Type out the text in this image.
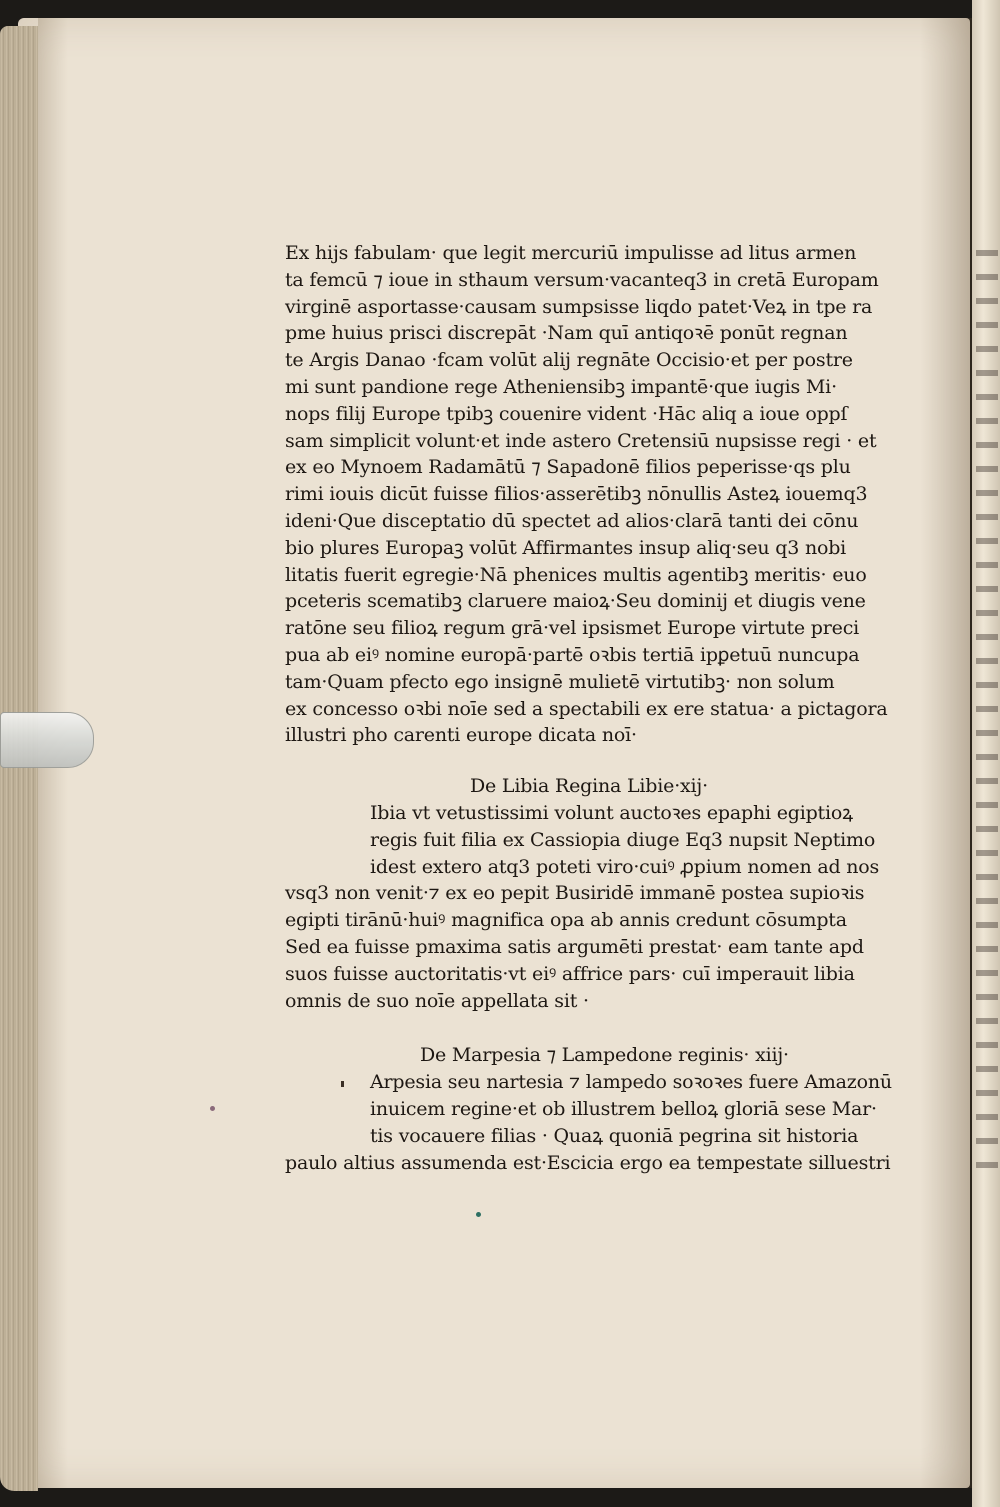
Ex hijs fabulam· que legit mercuriū impulisse ad litus armen
ta femcū ⁊ ioue in sthaum versum·vacanteq3 in cretā Europam
virginē asportasse·causam sumpsisse liqdo patet·Veꝝ in tpe ra
pme huius prisci discrepāt ·Nam quī antiqoꝛē ponūt regnan
te Argis Danao ·fcam volūt alij regnāte Occisio·et per postre
mi sunt pandione rege Atheniensibꝫ impantē·que iugis Mi·
nops filij Europe tpibꝫ couenire vident ·Hāc aliq a ioue oppſ
sam simplicit volunt·et inde astero Cretensiū nupsisse regi · et
ex eo Mynoem Radamātū ⁊ Sapadonē filios peperisse·qs plu
rimi iouis dicūt fuisse filios·asserētibꝫ nōnullis Asteꝝ iouemq3
ideni·Que disceptatio dū spectet ad alios·clarā tanti dei cōnu
bio plures Europaꝫ volūt Affirmantes insup aliq·seu q3 nobi
litatis fuerit egregie·Nā phenices multis agentibꝫ meritis· euo
pceteris scematibꝫ claruere maioꝝ·Seu dominij et diugis vene
ratōne seu filioꝝ regum grā·vel ipsismet Europe virtute preci
pua ab eiꝰ nomine europā·partē oꝛbis tertiā ipꝑetuū nuncupa
tam·Quam pfecto ego insignē mulietē virtutibꝫ· non solum
ex concesso oꝛbi noīe sed a spectabili ex ere statua· a pictagora
illustri pho carenti europe dicata noī·
De Libia Regina Libie·xij·
Ibia vt vetustissimi volunt auctoꝛes epaphi egiptioꝝ
regis fuit filia ex Cassiopia diuge Eq3 nupsit Neptimo
idest extero atq3 poteti viro·cuiꝰ ꝓpium nomen ad nos
vsq3 non venit·⁊ ex eo pepit Busiridē immanē postea supioꝛis
egipti tirānū·huiꝰ magnifica opa ab annis credunt cōsumpta
Sed ea fuisse pmaxima satis argumēti prestat· eam tante apd
suos fuisse auctoritatis·vt eiꝰ affrice pars· cuī imperauit libia
omnis de suo noīe appellata sit ·
De Marpesia ⁊ Lampedone reginis· xiij·
Arpesia seu nartesia ⁊ lampedo soꝛoꝛes fuere Amazonū
inuicem regine·et ob illustrem belloꝝ gloriā sese Mar·
tis vocauere filias · Quaꝝ quoniā pegrina sit historia
paulo altius assumenda est·Escicia ergo ea tempestate silluestri
